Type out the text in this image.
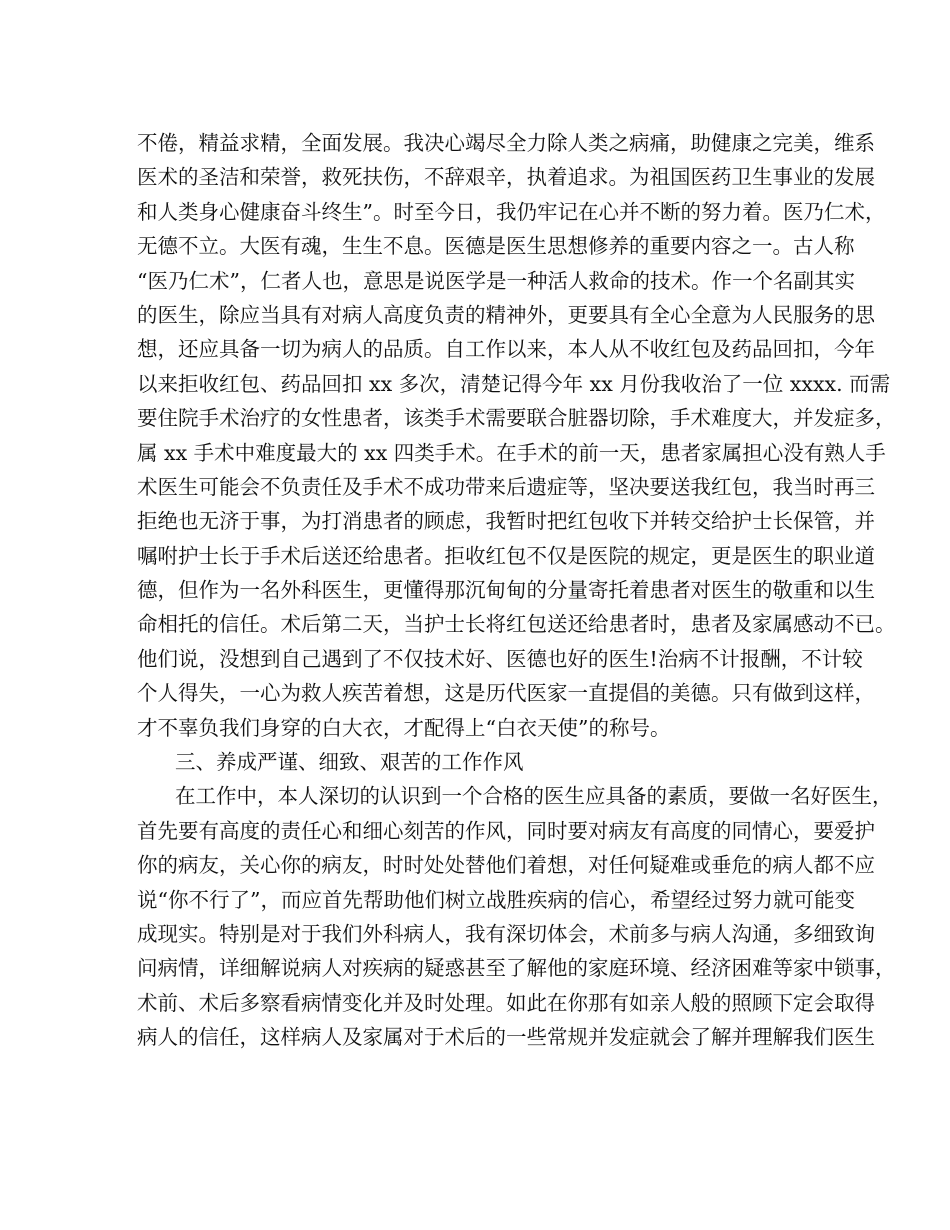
不倦，精益求精，全面发展。我决心竭尽全力除人类之病痛，助健康之完美，维系
医术的圣洁和荣誉，救死扶伤，不辞艰辛，执着追求。为祖国医药卫生事业的发展
和人类身心健康奋斗终生”。时至今日，我仍牢记在心并不断的努力着。医乃仁术，
无德不立。大医有魂，生生不息。医德是医生思想修养的重要内容之一。古人称
“医乃仁术”，仁者人也，意思是说医学是一种活人救命的技术。作一个名副其实
的医生，除应当具有对病人高度负责的精神外，更要具有全心全意为人民服务的思
想，还应具备一切为病人的品质。自工作以来，本人从不收红包及药品回扣，今年
以来拒收红包、药品回扣 xx 多次，清楚记得今年 xx 月份我收治了一位 xxxx. 而需
要住院手术治疗的女性患者，该类手术需要联合脏器切除，手术难度大，并发症多，
属 xx 手术中难度最大的 xx 四类手术。在手术的前一天，患者家属担心没有熟人手
术医生可能会不负责任及手术不成功带来后遗症等，坚决要送我红包，我当时再三
拒绝也无济于事，为打消患者的顾虑，我暂时把红包收下并转交给护士长保管，并
嘱咐护士长于手术后送还给患者。拒收红包不仅是医院的规定，更是医生的职业道
德，但作为一名外科医生，更懂得那沉甸甸的分量寄托着患者对医生的敬重和以生
命相托的信任。术后第二天，当护士长将红包送还给患者时，患者及家属感动不已。
他们说，没想到自己遇到了不仅技术好、医德也好的医生!治病不计报酬，不计较
个人得失，一心为救人疾苦着想，这是历代医家一直提倡的美德。只有做到这样，
才不辜负我们身穿的白大衣，才配得上“白衣天使”的称号。
三、养成严谨、细致、艰苦的工作作风
在工作中，本人深切的认识到一个合格的医生应具备的素质，要做一名好医生，
首先要有高度的责任心和细心刻苦的作风，同时要对病友有高度的同情心，要爱护
你的病友，关心你的病友，时时处处替他们着想，对任何疑难或垂危的病人都不应
说“你不行了”，而应首先帮助他们树立战胜疾病的信心，希望经过努力就可能变
成现实。特别是对于我们外科病人，我有深切体会，术前多与病人沟通，多细致询
问病情，详细解说病人对疾病的疑惑甚至了解他的家庭环境、经济困难等家中锁事，
术前、术后多察看病情变化并及时处理。如此在你那有如亲人般的照顾下定会取得
病人的信任，这样病人及家属对于术后的一些常规并发症就会了解并理解我们医生
